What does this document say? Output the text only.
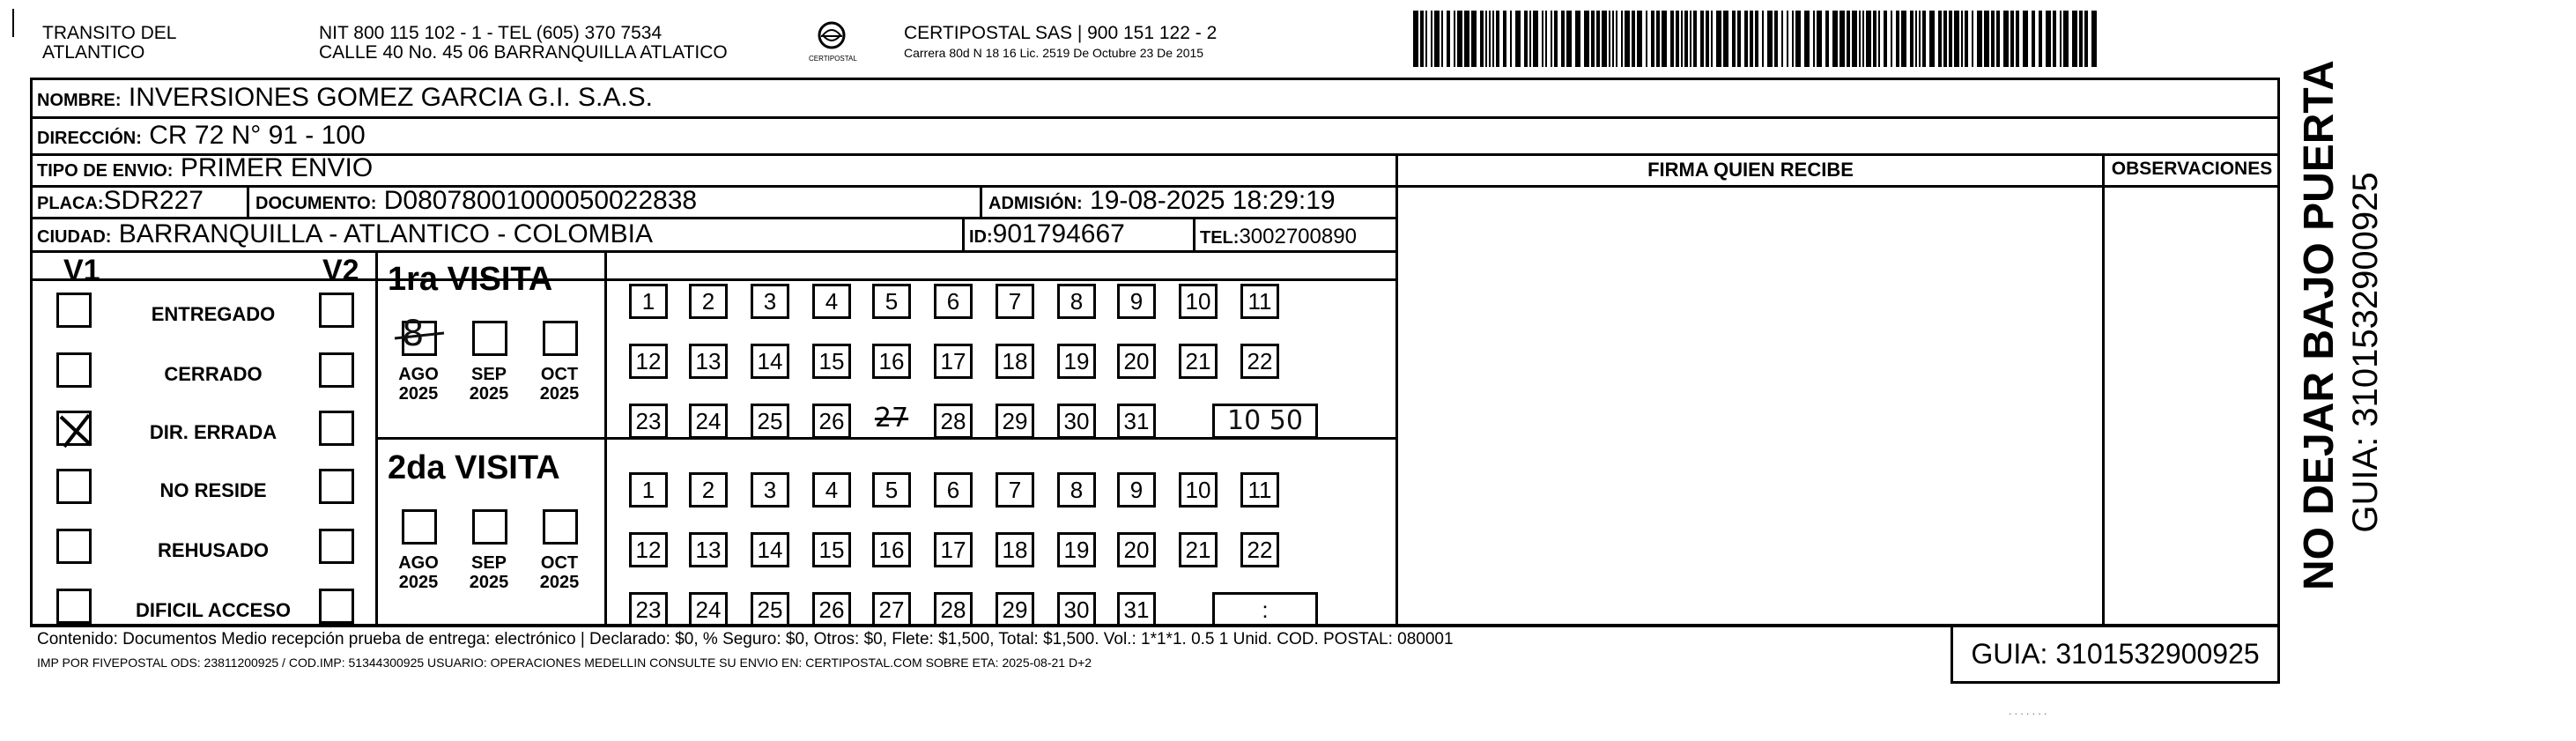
TRANSITO DEL
ATLANTICO
NIT 800 115 102 - 1 - TEL (605) 370 7534
CALLE 40 No. 45 06 BARRANQUILLA ATLATICO	CERTIPOSTAL
CERTIPOSTAL SAS | 900 151 122 - 2
Carrera 80d N 18 16 Lic. 2519 De Octubre 23 De 2015
NOMBRE: INVERSIONES GOMEZ GARCIA G.I. S.A.S.
DIRECCIÓN: CR 72 N° 91 - 100
TIPO DE ENVIO: PRIMER ENVIO	FIRMA QUIEN RECIBE	OBSERVACIONES
PLACA:SDR227	DOCUMENTO: D08078001000050022838	ADMISIÓN: 19-08-2025 18:29:19
CIUDAD: BARRANQUILLA - ATLANTICO - COLOMBIA	ID:901794667	TEL:3002700890
V1	V2
ENTREGADO
CERRADO
DIR. ERRADA
NO RESIDE
REHUSADO
DIFICIL ACCESO
1ra VISITA
8
AGO
2025
SEP
2025
OCT
2025
1	2	3	4	5	6	7	8	9	10	11
12 13 14 15 16 17 18 19 20 21 22
23 24 25 26 27 28 29 30 31	10 50
2da VISITA
AGO
2025
SEP
2025
OCT
2025
1	2	3	4	5	6	7	8	9	10	11
12 13 14 15 16 17 18 19 20 21 22
23 24 25 26 27 28 29 30 31	:
Contenido: Documentos Medio recepción prueba de entrega: electrónico | Declarado: $0, % Seguro: $0, Otros: $0, Flete: $1,500, Total: $1,500. Vol.: 1*1*1. 0.5 1 Unid. COD. POSTAL: 080001
IMP POR FIVEPOSTAL ODS: 23811200925 / COD.IMP: 51344300925 USUARIO: OPERACIONES MEDELLIN CONSULTE SU ENVIO EN: CERTIPOSTAL.COM SOBRE ETA: 2025-08-21 D+2	GUIA: 3101532900925
NO DEJAR BAJO PUERTA GUIA: 3101532900925
. . . . . . .
